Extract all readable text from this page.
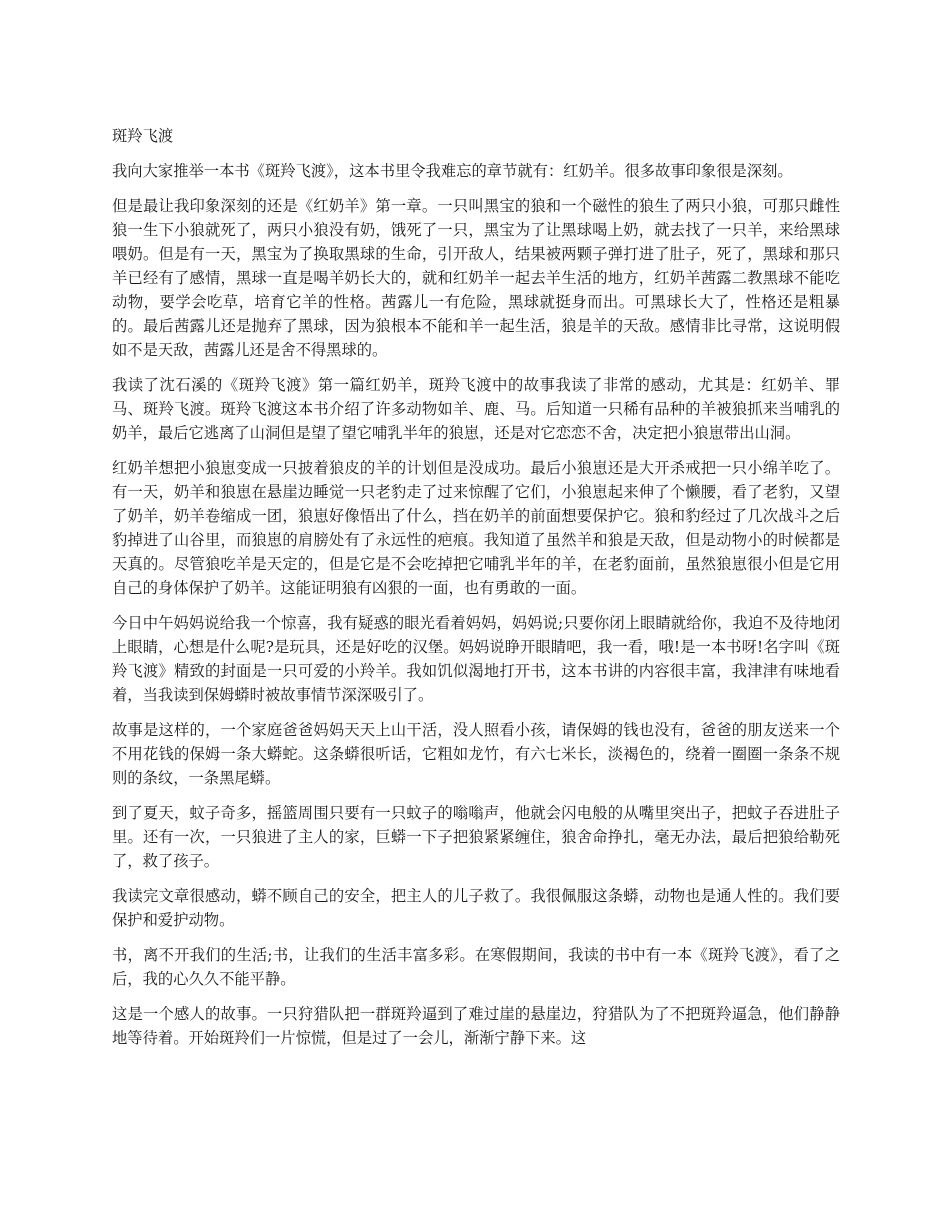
斑羚飞渡

我向大家推举一本书《斑羚飞渡》，这本书里令我难忘的章节就有：红奶羊。很多故事印象很是深刻。

但是最让我印象深刻的还是《红奶羊》第一章。一只叫黑宝的狼和一个磁性的狼生了两只小狼，可那只雌性狼一生下小狼就死了，两只小狼没有奶，饿死了一只，黑宝为了让黑球喝上奶，就去找了一只羊，来给黑球喂奶。但是有一天，黑宝为了换取黑球的生命，引开敌人，结果被两颗子弹打进了肚子，死了，黑球和那只羊已经有了感情，黑球一直是喝羊奶长大的，就和红奶羊一起去羊生活的地方，红奶羊茜露二教黑球不能吃动物，要学会吃草，培育它羊的性格。茜露儿一有危险，黑球就挺身而出。可黑球长大了，性格还是粗暴的。最后茜露儿还是抛弃了黑球，因为狼根本不能和羊一起生活，狼是羊的天敌。感情非比寻常，这说明假如不是天敌，茜露儿还是舍不得黑球的。

我读了沈石溪的《斑羚飞渡》第一篇红奶羊，斑羚飞渡中的故事我读了非常的感动，尤其是：红奶羊、罪马、斑羚飞渡。斑羚飞渡这本书介绍了许多动物如羊、鹿、马。后知道一只稀有品种的羊被狼抓来当哺乳的奶羊，最后它逃离了山洞但是望了望它哺乳半年的狼崽，还是对它恋恋不舍，决定把小狼崽带出山洞。

红奶羊想把小狼崽变成一只披着狼皮的羊的计划但是没成功。最后小狼崽还是大开杀戒把一只小绵羊吃了。有一天，奶羊和狼崽在悬崖边睡觉一只老豹走了过来惊醒了它们，小狼崽起来伸了个懒腰，看了老豹，又望了奶羊，奶羊卷缩成一团，狼崽好像悟出了什么，挡在奶羊的前面想要保护它。狼和豹经过了几次战斗之后豹掉进了山谷里，而狼崽的肩膀处有了永远性的疤痕。我知道了虽然羊和狼是天敌，但是动物小的时候都是天真的。尽管狼吃羊是天定的，但是它是不会吃掉把它哺乳半年的羊，在老豹面前，虽然狼崽很小但是它用自己的身体保护了奶羊。这能证明狼有凶狠的一面，也有勇敢的一面。

今日中午妈妈说给我一个惊喜，我有疑惑的眼光看着妈妈，妈妈说;只要你闭上眼睛就给你，我迫不及待地闭上眼睛，心想是什么呢?是玩具，还是好吃的汉堡。妈妈说睁开眼睛吧，我一看，哦!是一本书呀!名字叫《斑羚飞渡》精致的封面是一只可爱的小羚羊。我如饥似渴地打开书，这本书讲的内容很丰富，我津津有味地看着，当我读到保姆蟒时被故事情节深深吸引了。

故事是这样的，一个家庭爸爸妈妈天天上山干活，没人照看小孩，请保姆的钱也没有，爸爸的朋友送来一个不用花钱的保姆一条大蟒蛇。这条蟒很听话，它粗如龙竹，有六七米长，淡褐色的，绕着一圈圈一条条不规则的条纹，一条黑尾蟒。

到了夏天，蚊子奇多，摇篮周围只要有一只蚊子的嗡嗡声，他就会闪电般的从嘴里突出子，把蚊子吞进肚子里。还有一次，一只狼进了主人的家，巨蟒一下子把狼紧紧缠住，狼舍命挣扎，毫无办法，最后把狼给勒死了，救了孩子。

我读完文章很感动，蟒不顾自己的安全，把主人的儿子救了。我很佩服这条蟒，动物也是通人性的。我们要保护和爱护动物。

书，离不开我们的生活;书，让我们的生活丰富多彩。在寒假期间，我读的书中有一本《斑羚飞渡》，看了之后，我的心久久不能平静。

这是一个感人的故事。一只狩猎队把一群斑羚逼到了难过崖的悬崖边，狩猎队为了不把斑羚逼急，他们静静地等待着。开始斑羚们一片惊慌，但是过了一会儿，渐渐宁静下来。这
